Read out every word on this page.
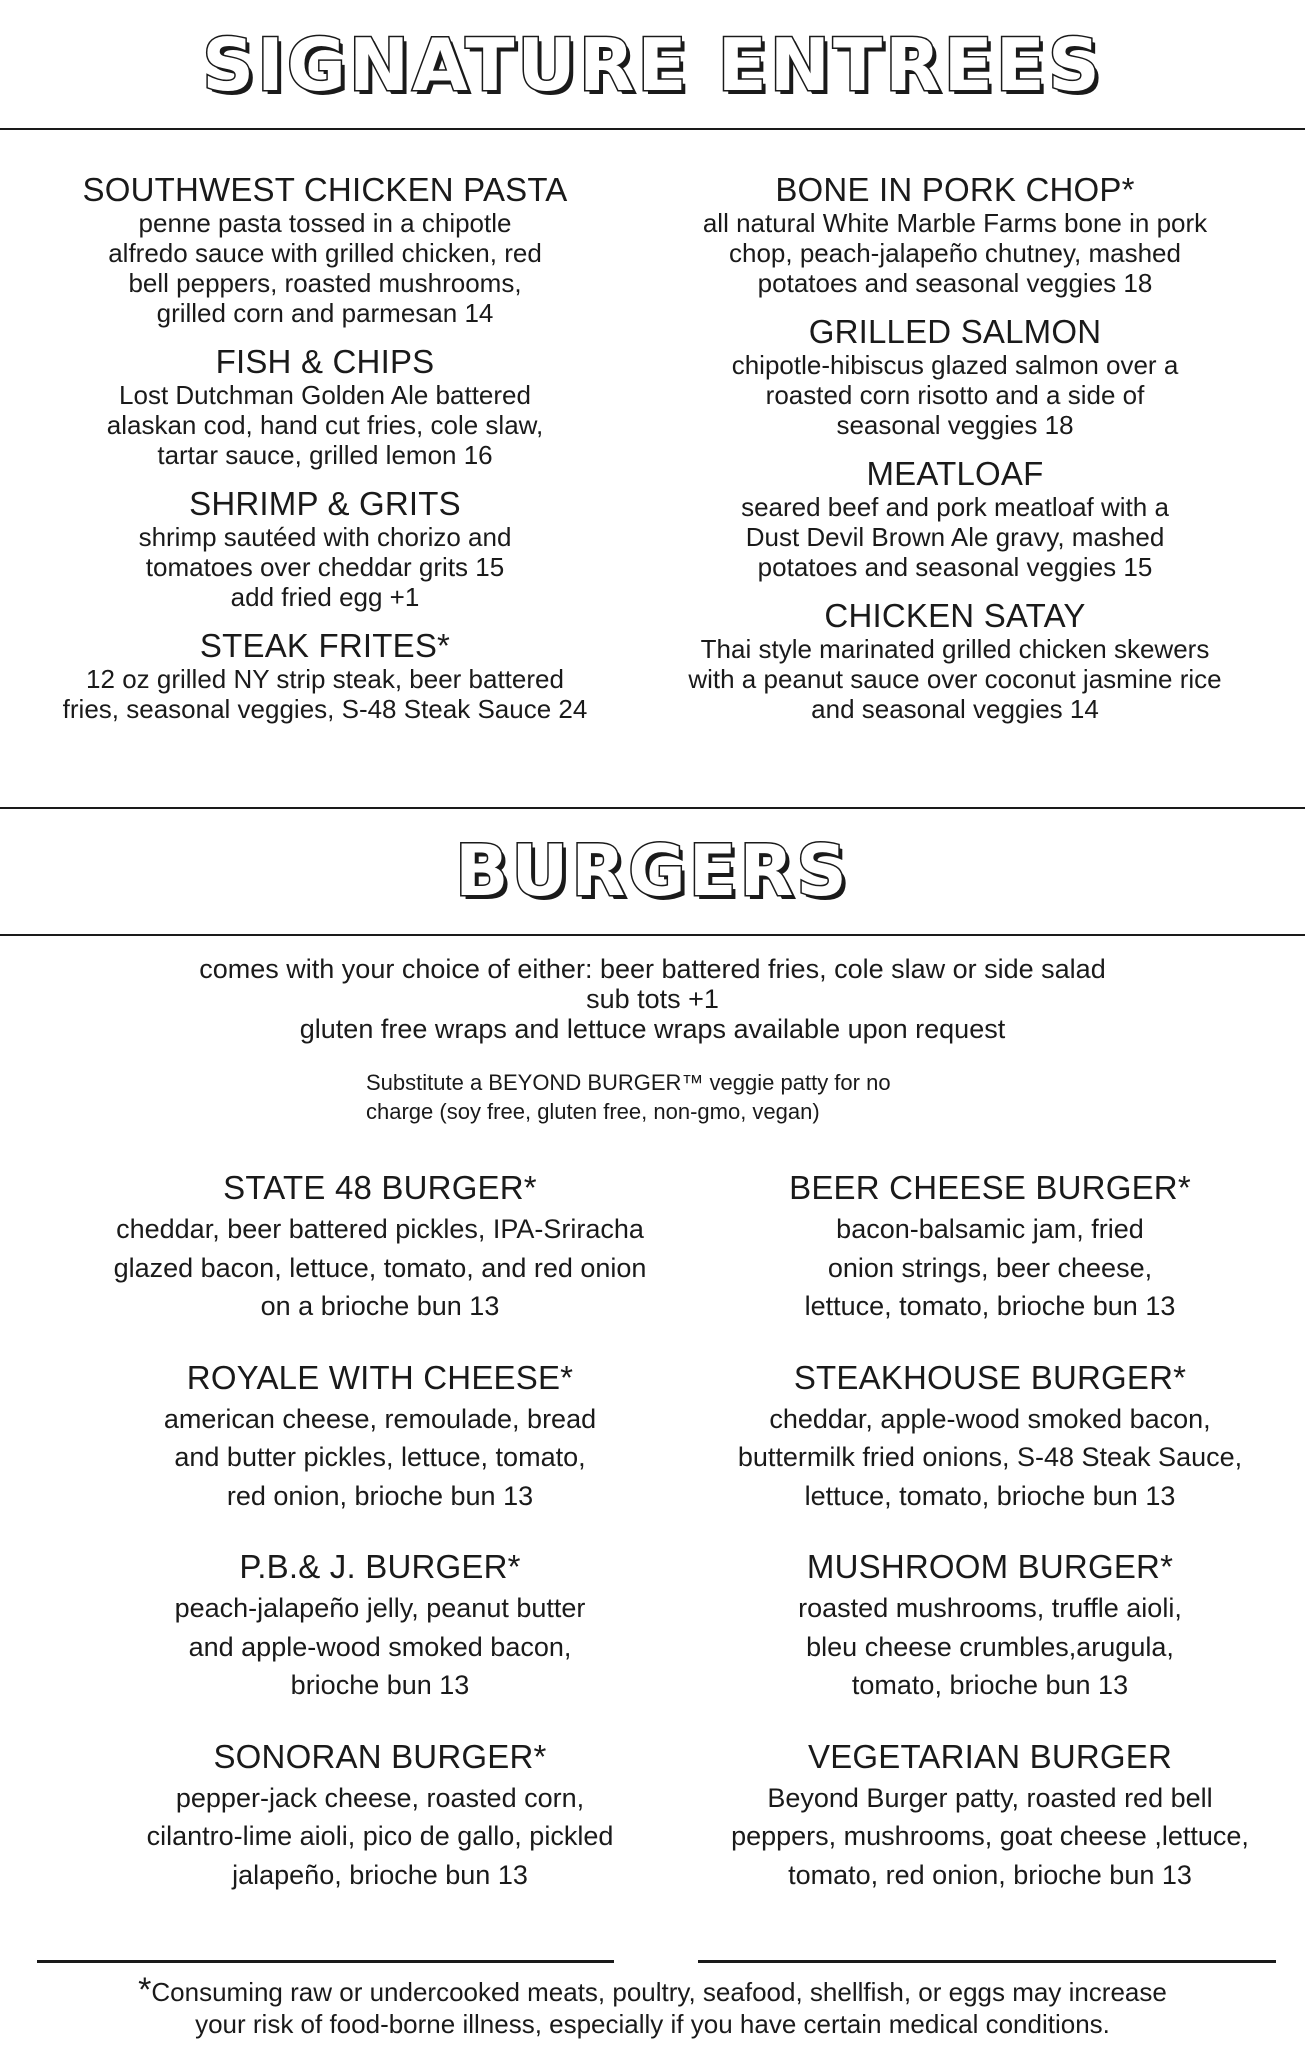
SIGNATURE ENTREES
SOUTHWEST CHICKEN PASTA

penne pasta tossed in a chipotle

alfredo sauce with grilled chicken, red

bell peppers, roasted mushrooms,

grilled corn and parmesan 14

FISH & CHIPS

Lost Dutchman Golden Ale battered

alaskan cod, hand cut fries, cole slaw,

tartar sauce, grilled lemon 16

SHRIMP & GRITS

shrimp sautéed with chorizo and

tomatoes over cheddar grits 15

add fried egg +1

STEAK FRITES*

12 oz grilled NY strip steak, beer battered

fries, seasonal veggies, S-48 Steak Sauce 24

BONE IN PORK CHOP*

all natural White Marble Farms bone in pork

chop, peach-jalapeño chutney, mashed

potatoes and seasonal veggies 18

GRILLED SALMON

chipotle-hibiscus glazed salmon over a

roasted corn risotto and a side of

seasonal veggies 18

MEATLOAF

seared beef and pork meatloaf with a

Dust Devil Brown Ale gravy, mashed

potatoes and seasonal veggies 15

CHICKEN SATAY

Thai style marinated grilled chicken skewers

with a peanut sauce over coconut jasmine rice

and seasonal veggies 14

BURGERS

comes with your choice of either: beer battered fries, cole slaw or side salad

sub tots +1

gluten free wraps and lettuce wraps available upon request

Substitute a BEYOND BURGER™ veggie patty for no

charge (soy free, gluten free, non-gmo, vegan)

STATE 48 BURGER*

cheddar, beer battered pickles, IPA-Sriracha

glazed bacon, lettuce, tomato, and red onion

on a brioche bun 13

ROYALE WITH CHEESE*

american cheese, remoulade, bread

and butter pickles, lettuce, tomato,

red onion, brioche bun 13

P.B.& J. BURGER*

peach-jalapeño jelly, peanut butter

and apple-wood smoked bacon,

brioche bun 13

SONORAN BURGER*

pepper-jack cheese, roasted corn,

cilantro-lime aioli, pico de gallo, pickled

jalapeño, brioche bun 13

BEER CHEESE BURGER*

bacon-balsamic jam, fried

onion strings, beer cheese,

lettuce, tomato, brioche bun 13

STEAKHOUSE BURGER*

cheddar, apple-wood smoked bacon,

buttermilk fried onions, S-48 Steak Sauce,

lettuce, tomato, brioche bun 13

MUSHROOM BURGER*

roasted mushrooms, truffle aioli,

bleu cheese crumbles,arugula,

tomato, brioche bun 13

VEGETARIAN BURGER

Beyond Burger patty, roasted red bell

peppers, mushrooms, goat cheese ,lettuce,

tomato, red onion, brioche bun 13

*Consuming raw or undercooked meats, poultry, seafood, shellfish, or eggs may increase

your risk of food-borne illness, especially if you have certain medical conditions.
